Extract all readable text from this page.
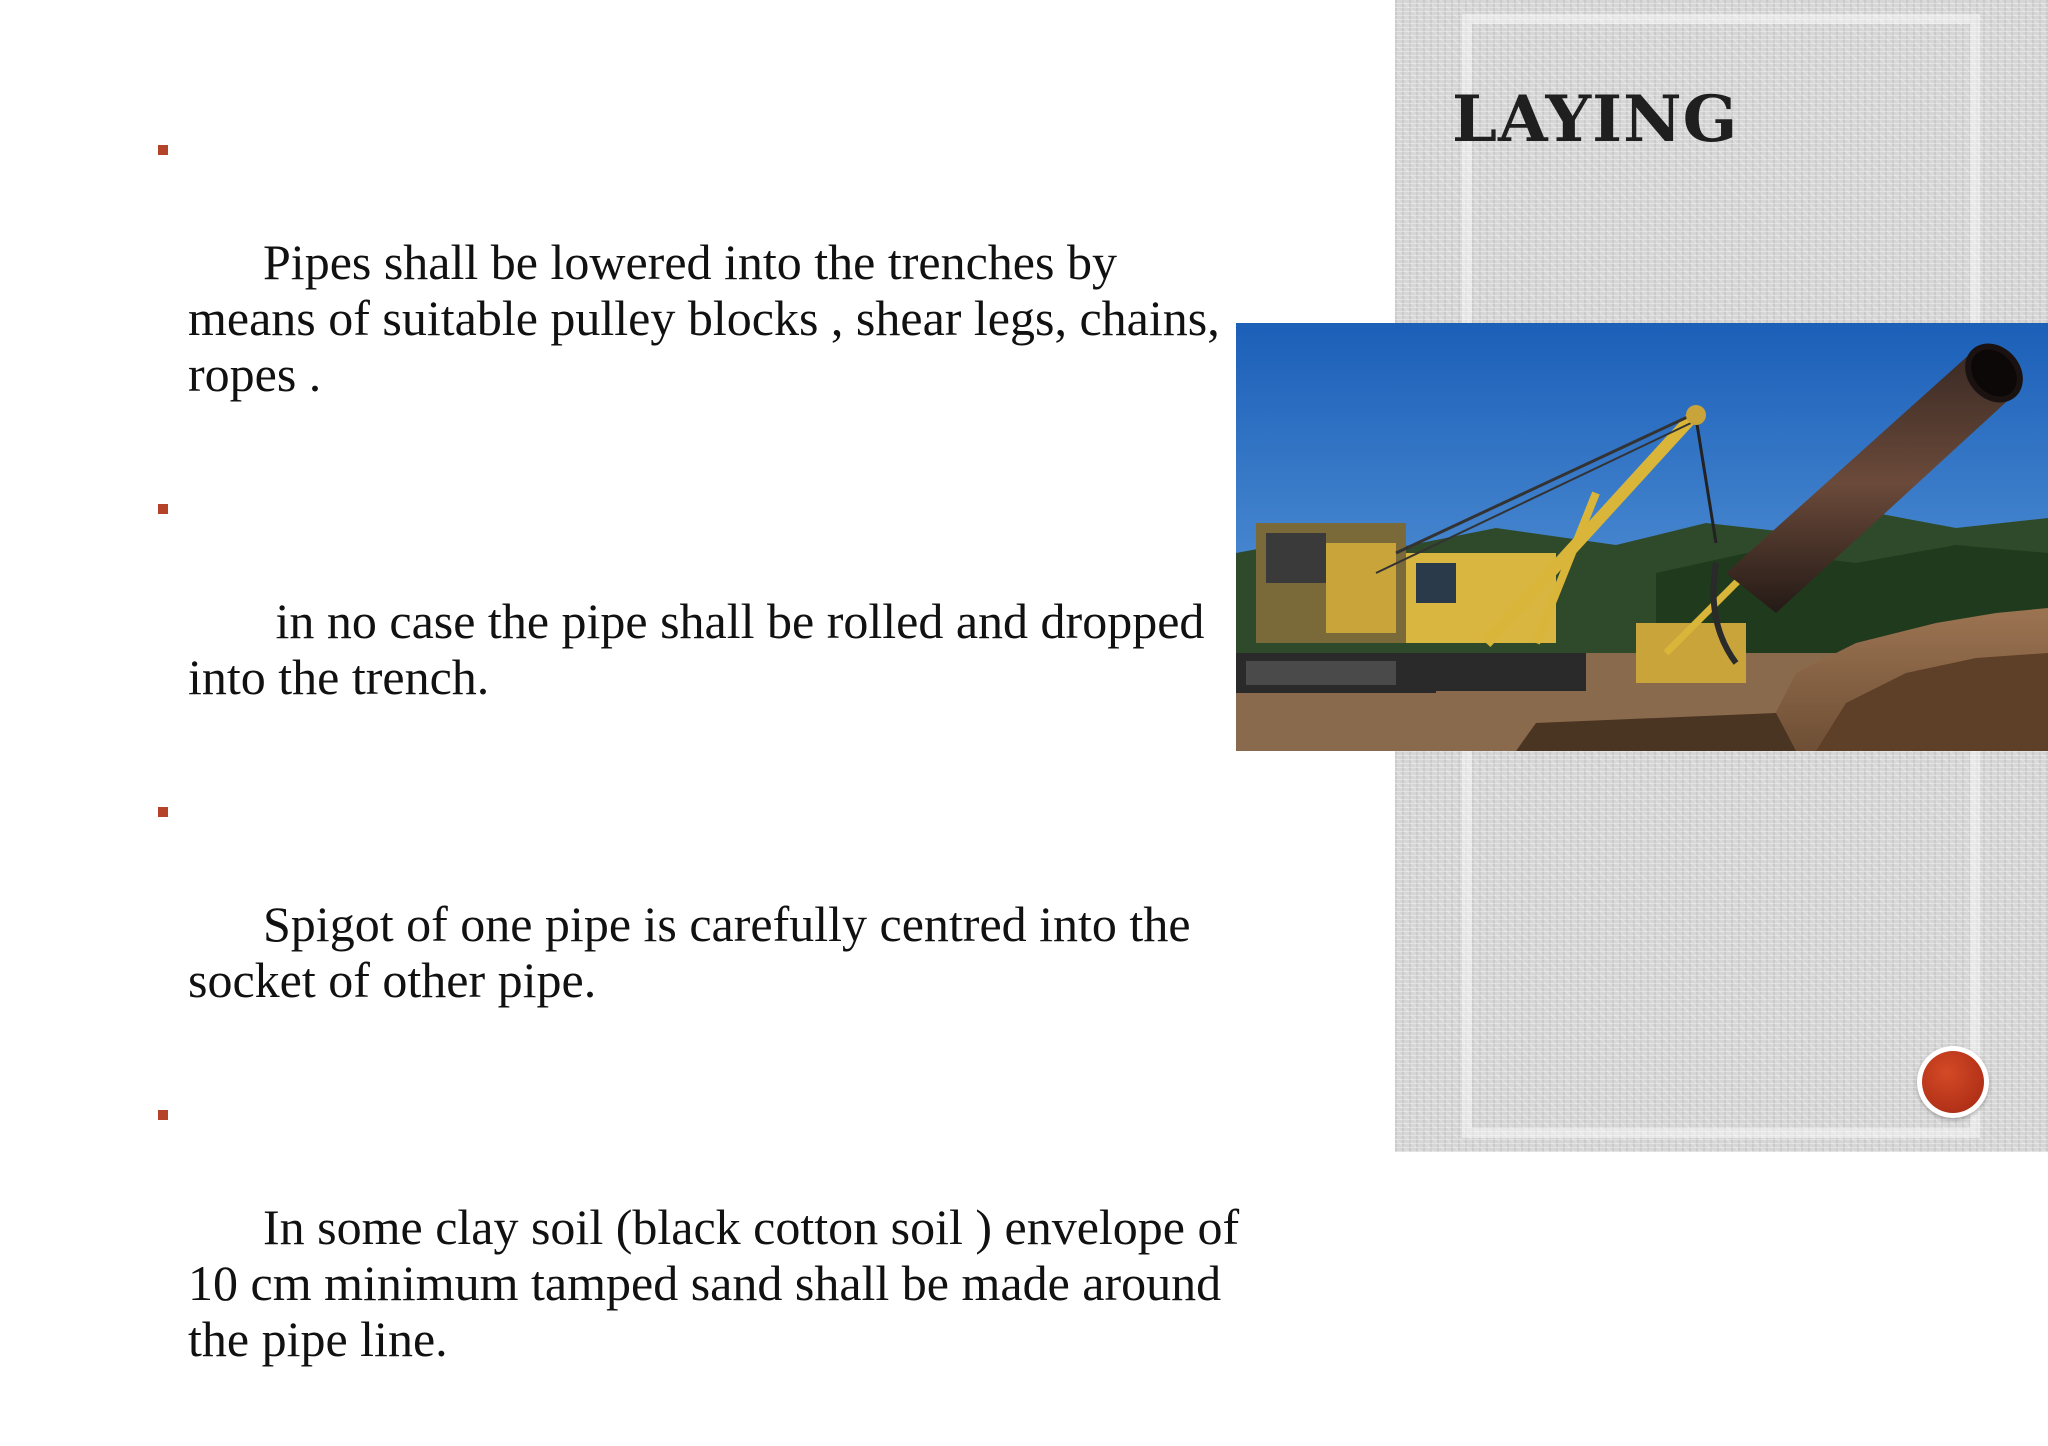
LAYING

Pipes shall be lowered into the trenches by means of suitable pulley blocks , shear legs, chains, ropes .

in no case the pipe shall be rolled and dropped into the trench.

Spigot of one pipe is carefully centred into the socket of other pipe.

In some clay soil (black cotton soil ) envelope of 10 cm minimum tamped sand shall be made around the pipe line.
